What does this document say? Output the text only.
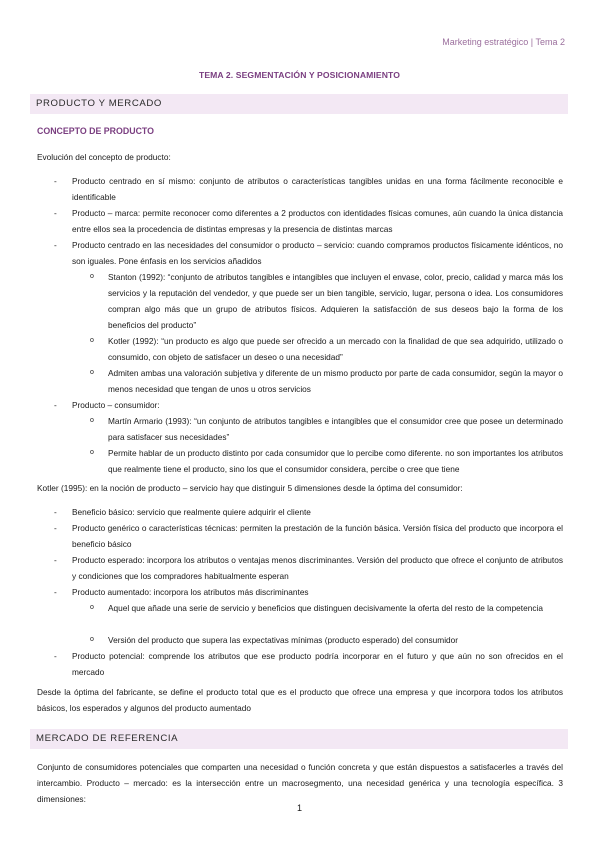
Marketing estratégico | Tema 2
TEMA 2. SEGMENTACIÓN Y POSICIONAMIENTO
PRODUCTO Y MERCADO
CONCEPTO DE PRODUCTO
Evolución del concepto de producto:
- Producto centrado en sí mismo: conjunto de atributos o características tangibles unidas en una forma fácilmente reconocible e identificable
- Producto – marca: permite reconocer como diferentes a 2 productos con identidades físicas comunes, aún cuando la única distancia entre ellos sea la procedencia de distintas empresas y la presencia de distintas marcas
- Producto centrado en las necesidades del consumidor o producto – servicio: cuando compramos productos físicamente idénticos, no son iguales. Pone énfasis en los servicios añadidos
o Stanton (1992): “conjunto de atributos tangibles e intangibles que incluyen el envase, color, precio, calidad y marca más los servicios y la reputación del vendedor, y que puede ser un bien tangible, servicio, lugar, persona o idea. Los consumidores compran algo más que un grupo de atributos físicos. Adquieren la satisfacción de sus deseos bajo la forma de los beneficios del producto”
o Kotler (1992): “un producto es algo que puede ser ofrecido a un mercado con la finalidad de que sea adquirido, utilizado o consumido, con objeto de satisfacer un deseo o una necesidad”
o Admiten ambas una valoración subjetiva y diferente de un mismo producto por parte de cada consumidor, según la mayor o menos necesidad que tengan de unos u otros servicios
- Producto – consumidor:
o Martín Armario (1993): “un conjunto de atributos tangibles e intangibles que el consumidor cree que posee un determinado para satisfacer sus necesidades”
o Permite hablar de un producto distinto por cada consumidor que lo percibe como diferente. no son importantes los atributos que realmente tiene el producto, sino los que el consumidor considera, percibe o cree que tiene
Kotler (1995): en la noción de producto – servicio hay que distinguir 5 dimensiones desde la óptima del consumidor:
- Beneficio básico: servicio que realmente quiere adquirir el cliente
- Producto genérico o características técnicas: permiten la prestación de la función básica. Versión física del producto que incorpora el beneficio básico
- Producto esperado: incorpora los atributos o ventajas menos discriminantes. Versión del producto que ofrece el conjunto de atributos y condiciones que los compradores habitualmente esperan
- Producto aumentado: incorpora los atributos más discriminantes
o Aquel que añade una serie de servicio y beneficios que distinguen decisivamente la oferta del resto de la competencia
o Versión del producto que supera las expectativas mínimas (producto esperado) del consumidor
- Producto potencial: comprende los atributos que ese producto podría incorporar en el futuro y que aún no son ofrecidos en el mercado
Desde la óptima del fabricante, se define el producto total que es el producto que ofrece una empresa y que incorpora todos los atributos básicos, los esperados y algunos del producto aumentado
MERCADO DE REFERENCIA
Conjunto de consumidores potenciales que comparten una necesidad o función concreta y que están dispuestos a satisfacerles a través del intercambio. Producto – mercado: es la intersección entre un macrosegmento, una necesidad genérica y una tecnología específica. 3 dimensiones:
1
